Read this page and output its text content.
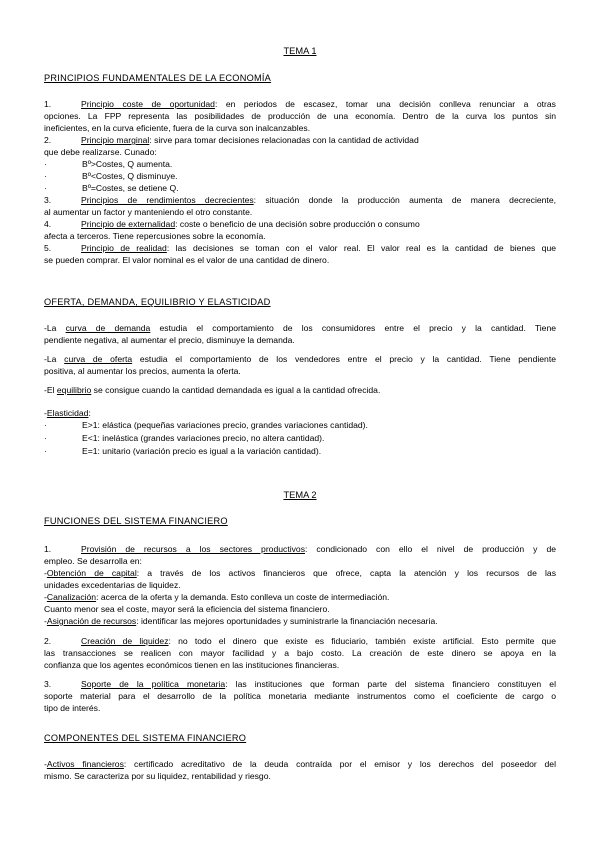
TEMA 1
PRINCIPIOS FUNDAMENTALES DE LA ECONOMÍA
1.	Principio coste de oportunidad: en periodos de escasez, tomar una decisión conlleva renunciar a otras
opciones. La FPP representa las posibilidades de producción de una economía. Dentro de la curva los puntos sin
ineficientes, en la curva eficiente, fuera de la curva son inalcanzables.
2.	Principio marginal: sirve para tomar decisiones relacionadas con la cantidad de actividad
que debe realizarse. Cunado:
·	Bº>Costes, Q aumenta.
·	Bº<Costes, Q disminuye.
·	Bº=Costes, se detiene Q.
3.	Principios de rendimientos decrecientes: situación donde la producción aumenta de manera decreciente,
al aumentar un factor y manteniendo el otro constante.
4.	Principio de externalidad: coste o beneficio de una decisión sobre producción o consumo
afecta a terceros. Tiene repercusiones sobre la economía.
5.	Principio de realidad: las decisiones se toman con el valor real. El valor real es la cantidad de bienes que
se pueden comprar. El valor nominal es el valor de una cantidad de dinero.
OFERTA, DEMANDA, EQUILIBRIO Y ELASTICIDAD
-La curva de demanda estudia el comportamiento de los consumidores entre el precio y la cantidad. Tiene
pendiente negativa, al aumentar el precio, disminuye la demanda.
-La curva de oferta estudia el comportamiento de los vendedores entre el precio y la cantidad. Tiene pendiente
positiva, al aumentar los precios, aumenta la oferta.
-El equilibrio se consigue cuando la cantidad demandada es igual a la cantidad ofrecida.
-Elasticidad:
·	E>1: elástica (pequeñas variaciones precio, grandes variaciones cantidad).
·	E<1: inelástica (grandes variaciones precio, no altera cantidad).
·	E=1: unitario (variación precio es igual a la variación cantidad).
TEMA 2
FUNCIONES DEL SISTEMA FINANCIERO
1.	Provisión de recursos a los sectores productivos: condicionado con ello el nivel de producción y de
empleo. Se desarrolla en:
-Obtención de capital: a través de los activos financieros que ofrece, capta la atención y los recursos de las
unidades excedentarias de liquidez.
-Canalización: acerca de la oferta y la demanda. Esto conlleva un coste de intermediación.
Cuanto menor sea el coste, mayor será la eficiencia del sistema financiero.
-Asignación de recursos: identificar las mejores oportunidades y suministrarle la financiación necesaria.
2.	Creación de liquidez: no todo el dinero que existe es fiduciario, también existe artificial. Esto permite que
las transacciones se realicen con mayor facilidad y a bajo costo. La creación de este dinero se apoya en la
confianza que los agentes económicos tienen en las instituciones financieras.
3.	Soporte de la política monetaria: las instituciones que forman parte del sistema financiero constituyen el
soporte material para el desarrollo de la política monetaria mediante instrumentos como el coeficiente de cargo o
tipo de interés.
COMPONENTES DEL SISTEMA FINANCIERO
-Activos financieros: certificado acreditativo de la deuda contraída por el emisor y los derechos del poseedor del
mismo. Se caracteriza por su liquidez, rentabilidad y riesgo.
